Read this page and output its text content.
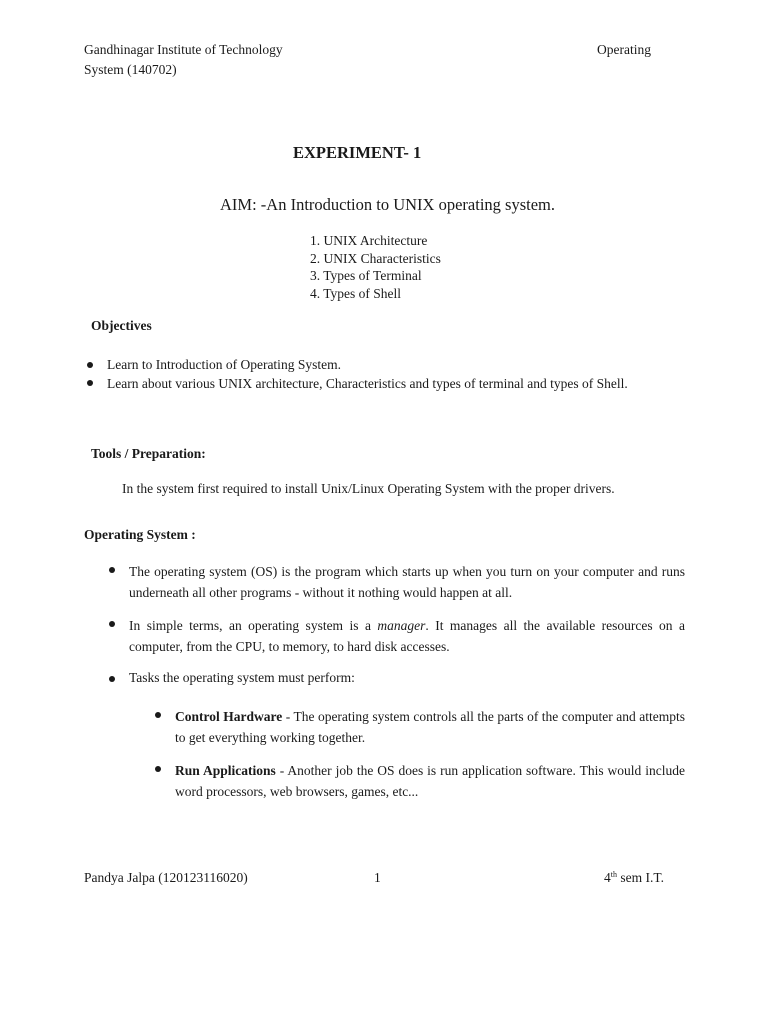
Gandhinagar Institute of Technology	Operating
System (140702)
EXPERIMENT- 1
AIM: -An Introduction to UNIX operating system.
1. UNIX Architecture
2. UNIX Characteristics
3. Types of Terminal
4. Types of Shell
Objectives
Learn to Introduction of Operating System.
Learn about various UNIX architecture, Characteristics and types of terminal and types of Shell.
Tools / Preparation:
In the system first required to install Unix/Linux Operating System with the proper drivers.
Operating System :
The operating system (OS) is the program which starts up when you turn on your computer and runs underneath all other programs - without it nothing would happen at all.
In simple terms, an operating system is a manager. It manages all the available resources on a computer, from the CPU, to memory, to hard disk accesses.
Tasks the operating system must perform:
Control Hardware - The operating system controls all the parts of the computer and attempts to get everything working together.
Run Applications - Another job the OS does is run application software. This would include word processors, web browsers, games, etc...
Pandya Jalpa (120123116020)	1	4th sem I.T.
